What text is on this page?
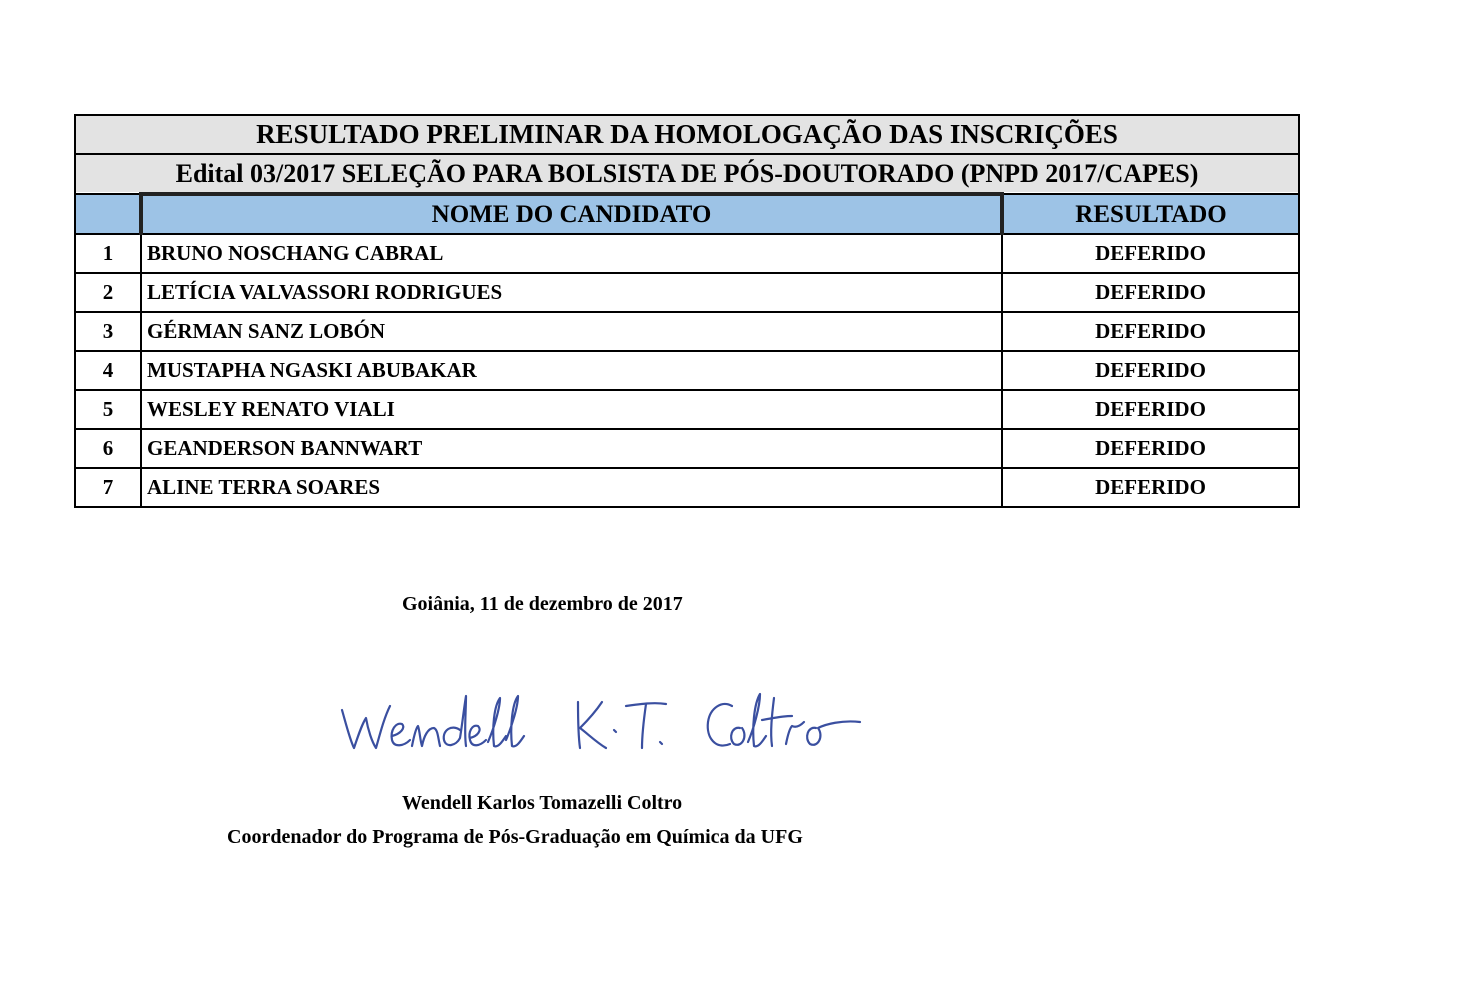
RESULTADO PRELIMINAR DA HOMOLOGAÇÃO DAS INSCRIÇÕES		
Edital 03/2017 SELEÇÃO PARA BOLSISTA DE PÓS-DOUTORADO (PNPD 2017/CAPES)		
	NOME DO CANDIDATO	RESULTADO
1	BRUNO NOSCHANG CABRAL	DEFERIDO
2	LETÍCIA VALVASSORI RODRIGUES	DEFERIDO
3	GÉRMAN SANZ LOBÓN	DEFERIDO
4	MUSTAPHA NGASKI ABUBAKAR	DEFERIDO
5	WESLEY RENATO VIALI	DEFERIDO
6	GEANDERSON BANNWART	DEFERIDO
7	ALINE TERRA SOARES	DEFERIDO
Goiânia, 11 de dezembro de 2017
Wendell Karlos Tomazelli Coltro
Coordenador do Programa de Pós-Graduação em Química da UFG
